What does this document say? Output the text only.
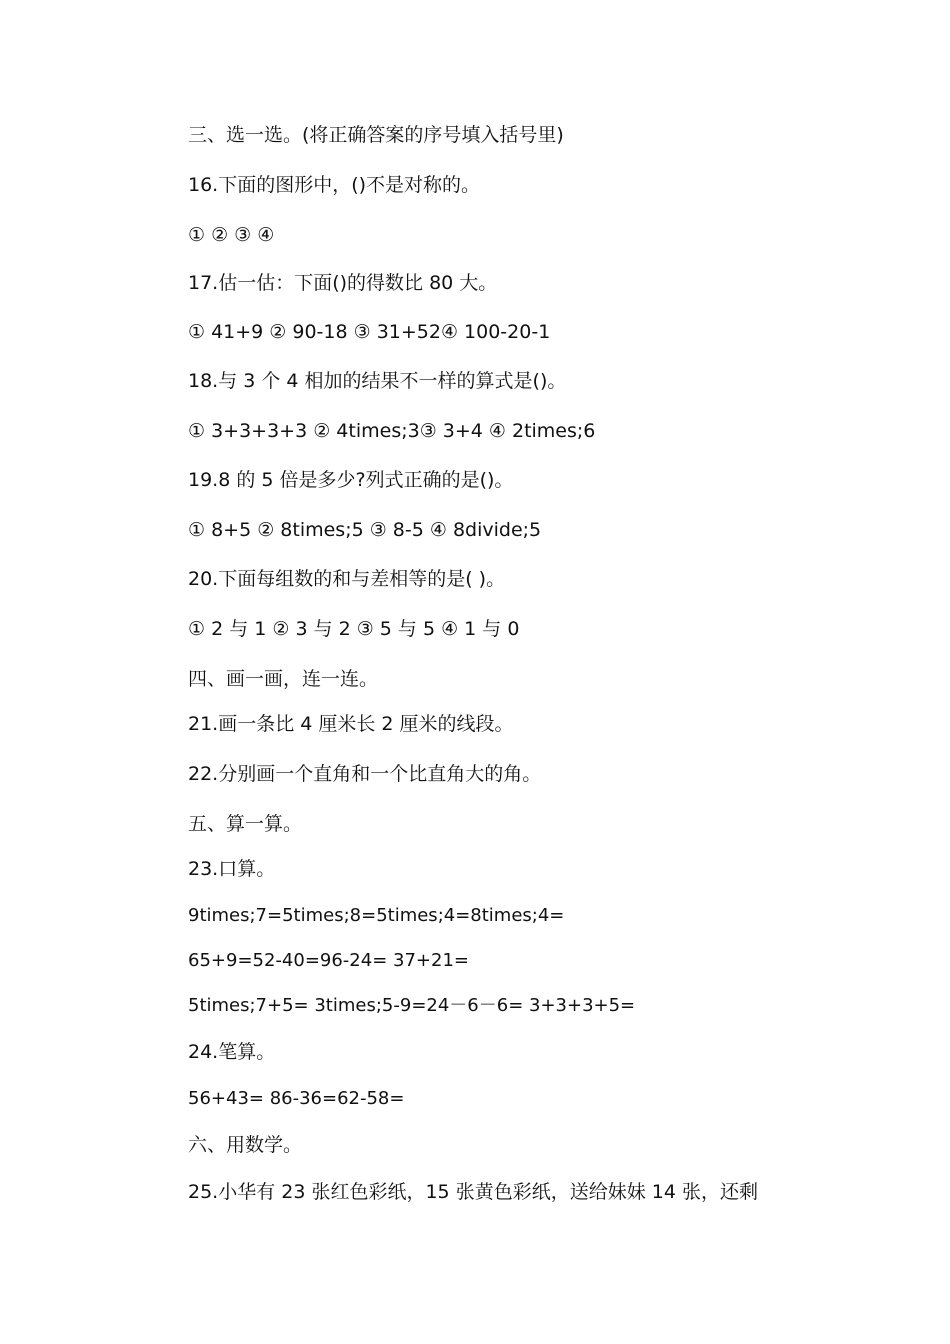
三、选一选。(将正确答案的序号填入括号里)
16.下面的图形中，()不是对称的。
① ② ③ ④
17.估一估：下面()的得数比 80 大。
① 41+9 ② 90-18 ③ 31+52④ 100-20-1
18.与 3 个 4 相加的结果不一样的算式是()。
① 3+3+3+3 ② 4times;3③ 3+4 ④ 2times;6
19.8 的 5 倍是多少?列式正确的是()。
① 8+5 ② 8times;5 ③ 8-5 ④ 8divide;5
20.下面每组数的和与差相等的是( )。
① 2 与 1 ② 3 与 2 ③ 5 与 5 ④ 1 与 0
四、画一画，连一连。
21.画一条比 4 厘米长 2 厘米的线段。
22.分别画一个直角和一个比直角大的角。
五、算一算。
23.口算。
9times;7=5times;8=5times;4=8times;4=
65+9=52-40=96-24= 37+21=
5times;7+5= 3times;5-9=24－6－6= 3+3+3+5=
24.笔算。
56+43= 86-36=62-58=
六、用数学。
25.小华有 23 张红色彩纸，15 张黄色彩纸，送给妹妹 14 张，还剩
